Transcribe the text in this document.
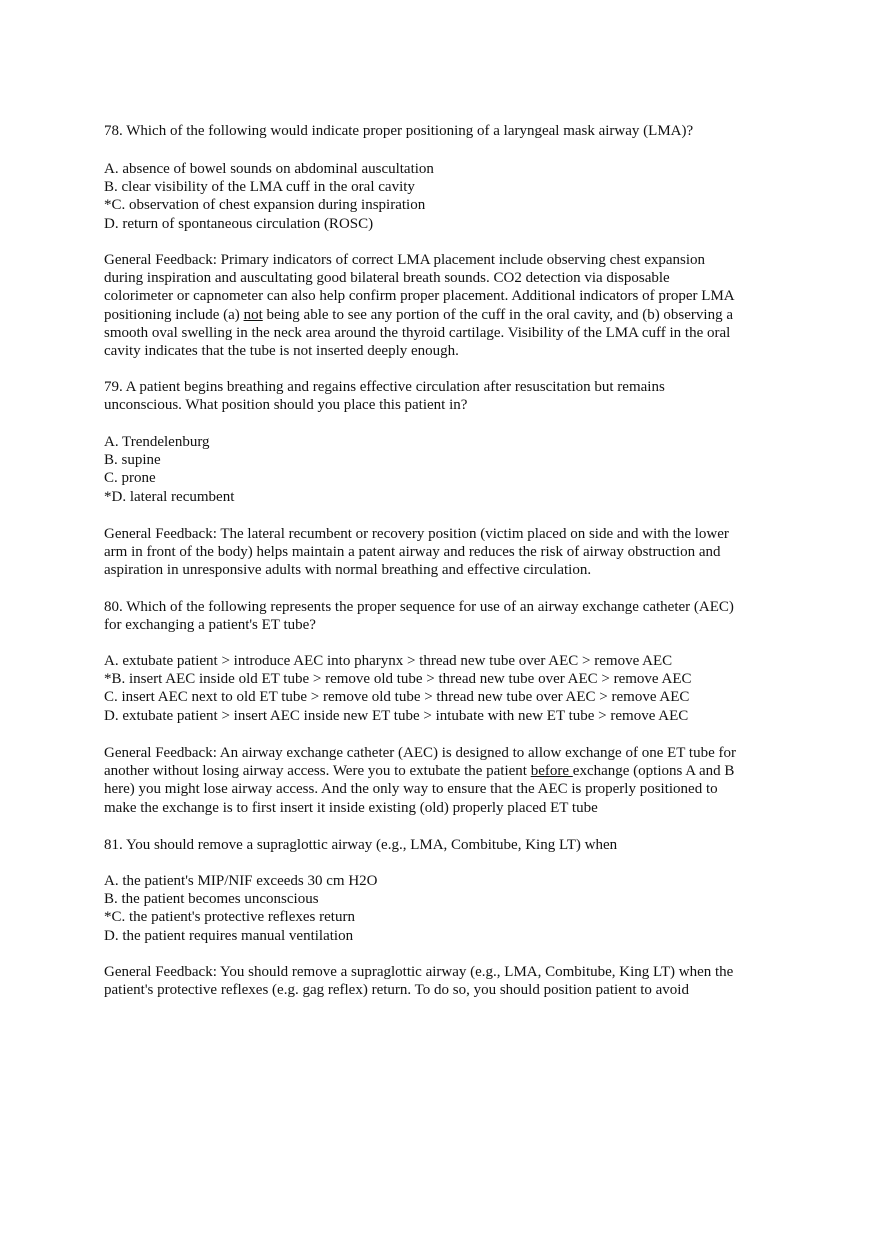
78. Which of the following would indicate proper positioning of a laryngeal mask airway (LMA)?
A. absence of bowel sounds on abdominal auscultation
B. clear visibility of the LMA cuff in the oral cavity
*C. observation of chest expansion during inspiration
D. return of spontaneous circulation (ROSC)
General Feedback: Primary indicators of correct LMA placement include observing chest expansion
during inspiration and auscultating good bilateral breath sounds. CO2 detection via disposable
colorimeter or capnometer can also help confirm proper placement. Additional indicators of proper LMA
positioning include (a) not being able to see any portion of the cuff in the oral cavity, and (b) observing a
smooth oval swelling in the neck area around the thyroid cartilage. Visibility of the LMA cuff in the oral
cavity indicates that the tube is not inserted deeply enough.
79. A patient begins breathing and regains effective circulation after resuscitation but remains
unconscious. What position should you place this patient in?
A. Trendelenburg
B. supine
C. prone
*D. lateral recumbent
General Feedback: The lateral recumbent or recovery position (victim placed on side and with the lower
arm in front of the body) helps maintain a patent airway and reduces the risk of airway obstruction and
aspiration in unresponsive adults with normal breathing and effective circulation.
80. Which of the following represents the proper sequence for use of an airway exchange catheter (AEC)
for exchanging a patient's ET tube?
A. extubate patient > introduce AEC into pharynx > thread new tube over AEC > remove AEC
*B. insert AEC inside old ET tube > remove old tube > thread new tube over AEC > remove AEC
C. insert AEC next to old ET tube > remove old tube > thread new tube over AEC > remove AEC
D. extubate patient > insert AEC inside new ET tube > intubate with new ET tube > remove AEC
General Feedback: An airway exchange catheter (AEC) is designed to allow exchange of one ET tube for
another without losing airway access. Were you to extubate the patient before exchange (options A and B
here) you might lose airway access. And the only way to ensure that the AEC is properly positioned to
make the exchange is to first insert it inside existing (old) properly placed ET tube
81. You should remove a supraglottic airway (e.g., LMA, Combitube, King LT) when
A. the patient's MIP/NIF exceeds 30 cm H2O
B. the patient becomes unconscious
*C. the patient's protective reflexes return
D. the patient requires manual ventilation
General Feedback: You should remove a supraglottic airway (e.g., LMA, Combitube, King LT) when the
patient's protective reflexes (e.g. gag reflex) return. To do so, you should position patient to avoid
